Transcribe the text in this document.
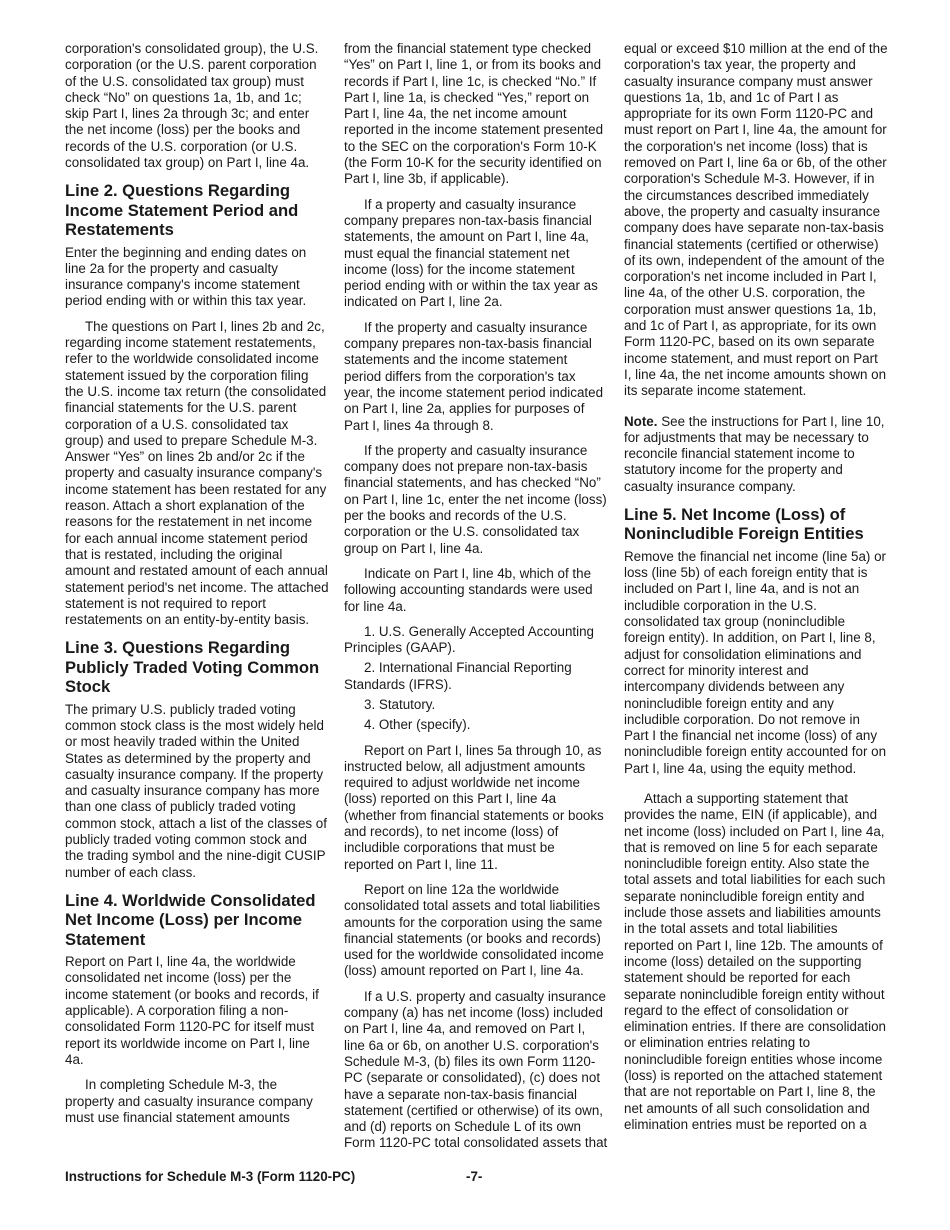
corporation's consolidated group), the U.S. corporation (or the U.S. parent corporation of the U.S. consolidated tax group) must check “No” on questions 1a, 1b, and 1c; skip Part I, lines 2a through 3c; and enter the net income (loss) per the books and records of the U.S. corporation (or U.S. consolidated tax group) on Part I, line 4a.

Line 2. Questions Regarding Income Statement Period and Restatements

Enter the beginning and ending dates on line 2a for the property and casualty insurance company's income statement period ending with or within this tax year.

The questions on Part I, lines 2b and 2c, regarding income statement restatements, refer to the worldwide consolidated income statement issued by the corporation filing the U.S. income tax return (the consolidated financial statements for the U.S. parent corporation of a U.S. consolidated tax group) and used to prepare Schedule M-3. Answer “Yes” on lines 2b and/or 2c if the property and casualty insurance company's income statement has been restated for any reason. Attach a short explanation of the reasons for the restatement in net income for each annual income statement period that is restated, including the original amount and restated amount of each annual statement period's net income. The attached statement is not required to report restatements on an entity-by-entity basis.

Line 3. Questions Regarding Publicly Traded Voting Common Stock

The primary U.S. publicly traded voting common stock class is the most widely held or most heavily traded within the United States as determined by the property and casualty insurance company. If the property and casualty insurance company has more than one class of publicly traded voting common stock, attach a list of the classes of publicly traded voting common stock and the trading symbol and the nine-digit CUSIP number of each class.

Line 4. Worldwide Consolidated Net Income (Loss) per Income Statement

Report on Part I, line 4a, the worldwide consolidated net income (loss) per the income statement (or books and records, if applicable). A corporation filing a non-consolidated Form 1120-PC for itself must report its worldwide income on Part I, line 4a.

In completing Schedule M-3, the property and casualty insurance company must use financial statement amounts

from the financial statement type checked “Yes” on Part I, line 1, or from its books and records if Part I, line 1c, is checked “No.” If Part I, line 1a, is checked “Yes,” report on Part I, line 4a, the net income amount reported in the income statement presented to the SEC on the corporation's Form 10-K (the Form 10-K for the security identified on Part I, line 3b, if applicable).

If a property and casualty insurance company prepares non-tax-basis financial statements, the amount on Part I, line 4a, must equal the financial statement net income (loss) for the income statement period ending with or within the tax year as indicated on Part I, line 2a.

If the property and casualty insurance company prepares non-tax-basis financial statements and the income statement period differs from the corporation's tax year, the income statement period indicated on Part I, line 2a, applies for purposes of Part I, lines 4a through 8.

If the property and casualty insurance company does not prepare non-tax-basis financial statements, and has checked “No” on Part I, line 1c, enter the net income (loss) per the books and records of the U.S. corporation or the U.S. consolidated tax group on Part I, line 4a.

Indicate on Part I, line 4b, which of the following accounting standards were used for line 4a.

1. U.S. Generally Accepted Accounting Principles (GAAP).

2. International Financial Reporting Standards (IFRS).

3. Statutory.

4. Other (specify).

Report on Part I, lines 5a through 10, as instructed below, all adjustment amounts required to adjust worldwide net income (loss) reported on this Part I, line 4a (whether from financial statements or books and records), to net income (loss) of includible corporations that must be reported on Part I, line 11.

Report on line 12a the worldwide consolidated total assets and total liabilities amounts for the corporation using the same financial statements (or books and records) used for the worldwide consolidated income (loss) amount reported on Part I, line 4a.

If a U.S. property and casualty insurance company (a) has net income (loss) included on Part I, line 4a, and removed on Part I, line 6a or 6b, on another U.S. corporation's Schedule M-3, (b) files its own Form 1120-PC (separate or consolidated), (c) does not have a separate non-tax-basis financial statement (certified or otherwise) of its own, and (d) reports on Schedule L of its own Form 1120-PC total consolidated assets that

equal or exceed $10 million at the end of the corporation's tax year, the property and casualty insurance company must answer questions 1a, 1b, and 1c of Part I as appropriate for its own Form 1120-PC and must report on Part I, line 4a, the amount for the corporation's net income (loss) that is removed on Part I, line 6a or 6b, of the other corporation's Schedule M-3. However, if in the circumstances described immediately above, the property and casualty insurance company does have separate non-tax-basis financial statements (certified or otherwise) of its own, independent of the amount of the corporation's net income included in Part I, line 4a, of the other U.S. corporation, the corporation must answer questions 1a, 1b, and 1c of Part I, as appropriate, for its own Form 1120-PC, based on its own separate income statement, and must report on Part I, line 4a, the net income amounts shown on its separate income statement.

Note. See the instructions for Part I, line 10, for adjustments that may be necessary to reconcile financial statement income to statutory income for the property and casualty insurance company.

Line 5. Net Income (Loss) of Nonincludible Foreign Entities

Remove the financial net income (line 5a) or loss (line 5b) of each foreign entity that is included on Part I, line 4a, and is not an includible corporation in the U.S. consolidated tax group (nonincludible foreign entity). In addition, on Part I, line 8, adjust for consolidation eliminations and correct for minority interest and intercompany dividends between any nonincludible foreign entity and any includible corporation. Do not remove in Part I the financial net income (loss) of any nonincludible foreign entity accounted for on Part I, line 4a, using the equity method.

Attach a supporting statement that provides the name, EIN (if applicable), and net income (loss) included on Part I, line 4a, that is removed on line 5 for each separate nonincludible foreign entity. Also state the total assets and total liabilities for each such separate nonincludible foreign entity and include those assets and liabilities amounts in the total assets and total liabilities reported on Part I, line 12b. The amounts of income (loss) detailed on the supporting statement should be reported for each separate nonincludible foreign entity without regard to the effect of consolidation or elimination entries. If there are consolidation or elimination entries relating to nonincludible foreign entities whose income (loss) is reported on the attached statement that are not reportable on Part I, line 8, the net amounts of all such consolidation and elimination entries must be reported on a

Instructions for Schedule M-3 (Form 1120-PC)	-7-
